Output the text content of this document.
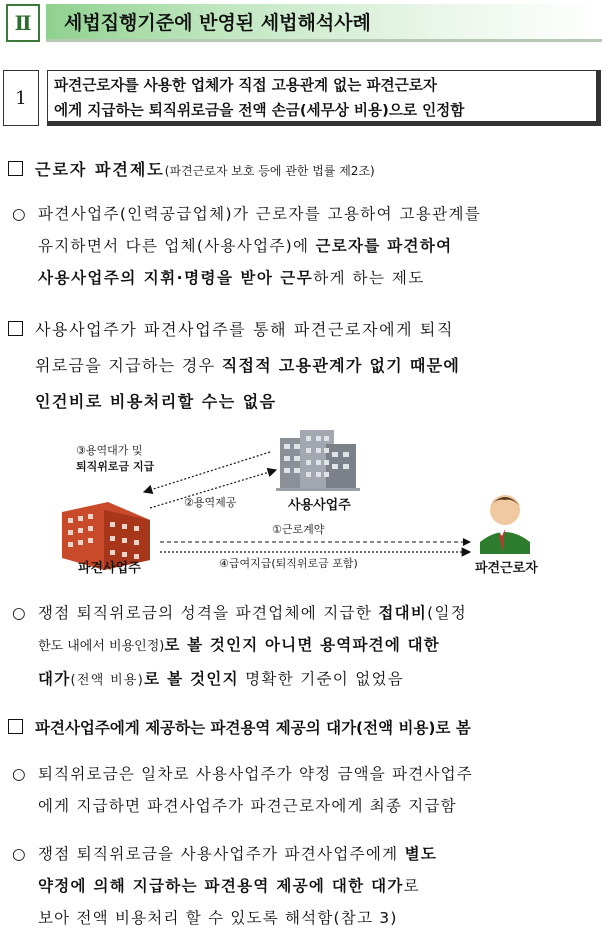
Ⅱ	세법집행기준에 반영된 세법해석사례
1
파견근로자를 사용한 업체가 직접 고용관계 없는 파견근로자
에게 지급하는 퇴직위로금을 전액 손금(세무상 비용)으로 인정함
근로자 파견제도(파견근로자 보호 등에 관한 법률 제2조)
○ 파견사업주(인력공급업체)가 근로자를 고용하여 고용관계를
유지하면서 다른 업체(사용사업주)에 근로자를 파견하여
사용사업주의 지휘·명령을 받아 근무하게 하는 제도
사용사업주가 파견사업주를 통해 파견근로자에게 퇴직
위로금을 지급하는 경우 직접적 고용관계가 없기 때문에
인건비로 비용처리할 수는 없음
③용역대가 및
퇴직위로금 지급
②용역제공	사용사업주
①근로계약
④급여지급(퇴직위로금 포함)
파견사업주	파견근로자
○ 쟁점 퇴직위로금의 성격을 파견업체에 지급한 접대비(일정
한도 내에서 비용인정)로 볼 것인지 아니면 용역파견에 대한
대가(전액 비용)로 볼 것인지 명확한 기준이 없었음
파견사업주에게 제공하는 파견용역 제공의 대가(전액 비용)로 봄
○ 퇴직위로금은 일차로 사용사업주가 약정 금액을 파견사업주
에게 지급하면 파견사업주가 파견근로자에게 최종 지급함
○ 쟁점 퇴직위로금을 사용사업주가 파견사업주에게 별도
약정에 의해 지급하는 파견용역 제공에 대한 대가로
보아 전액 비용처리 할 수 있도록 해석함(참고 3)
